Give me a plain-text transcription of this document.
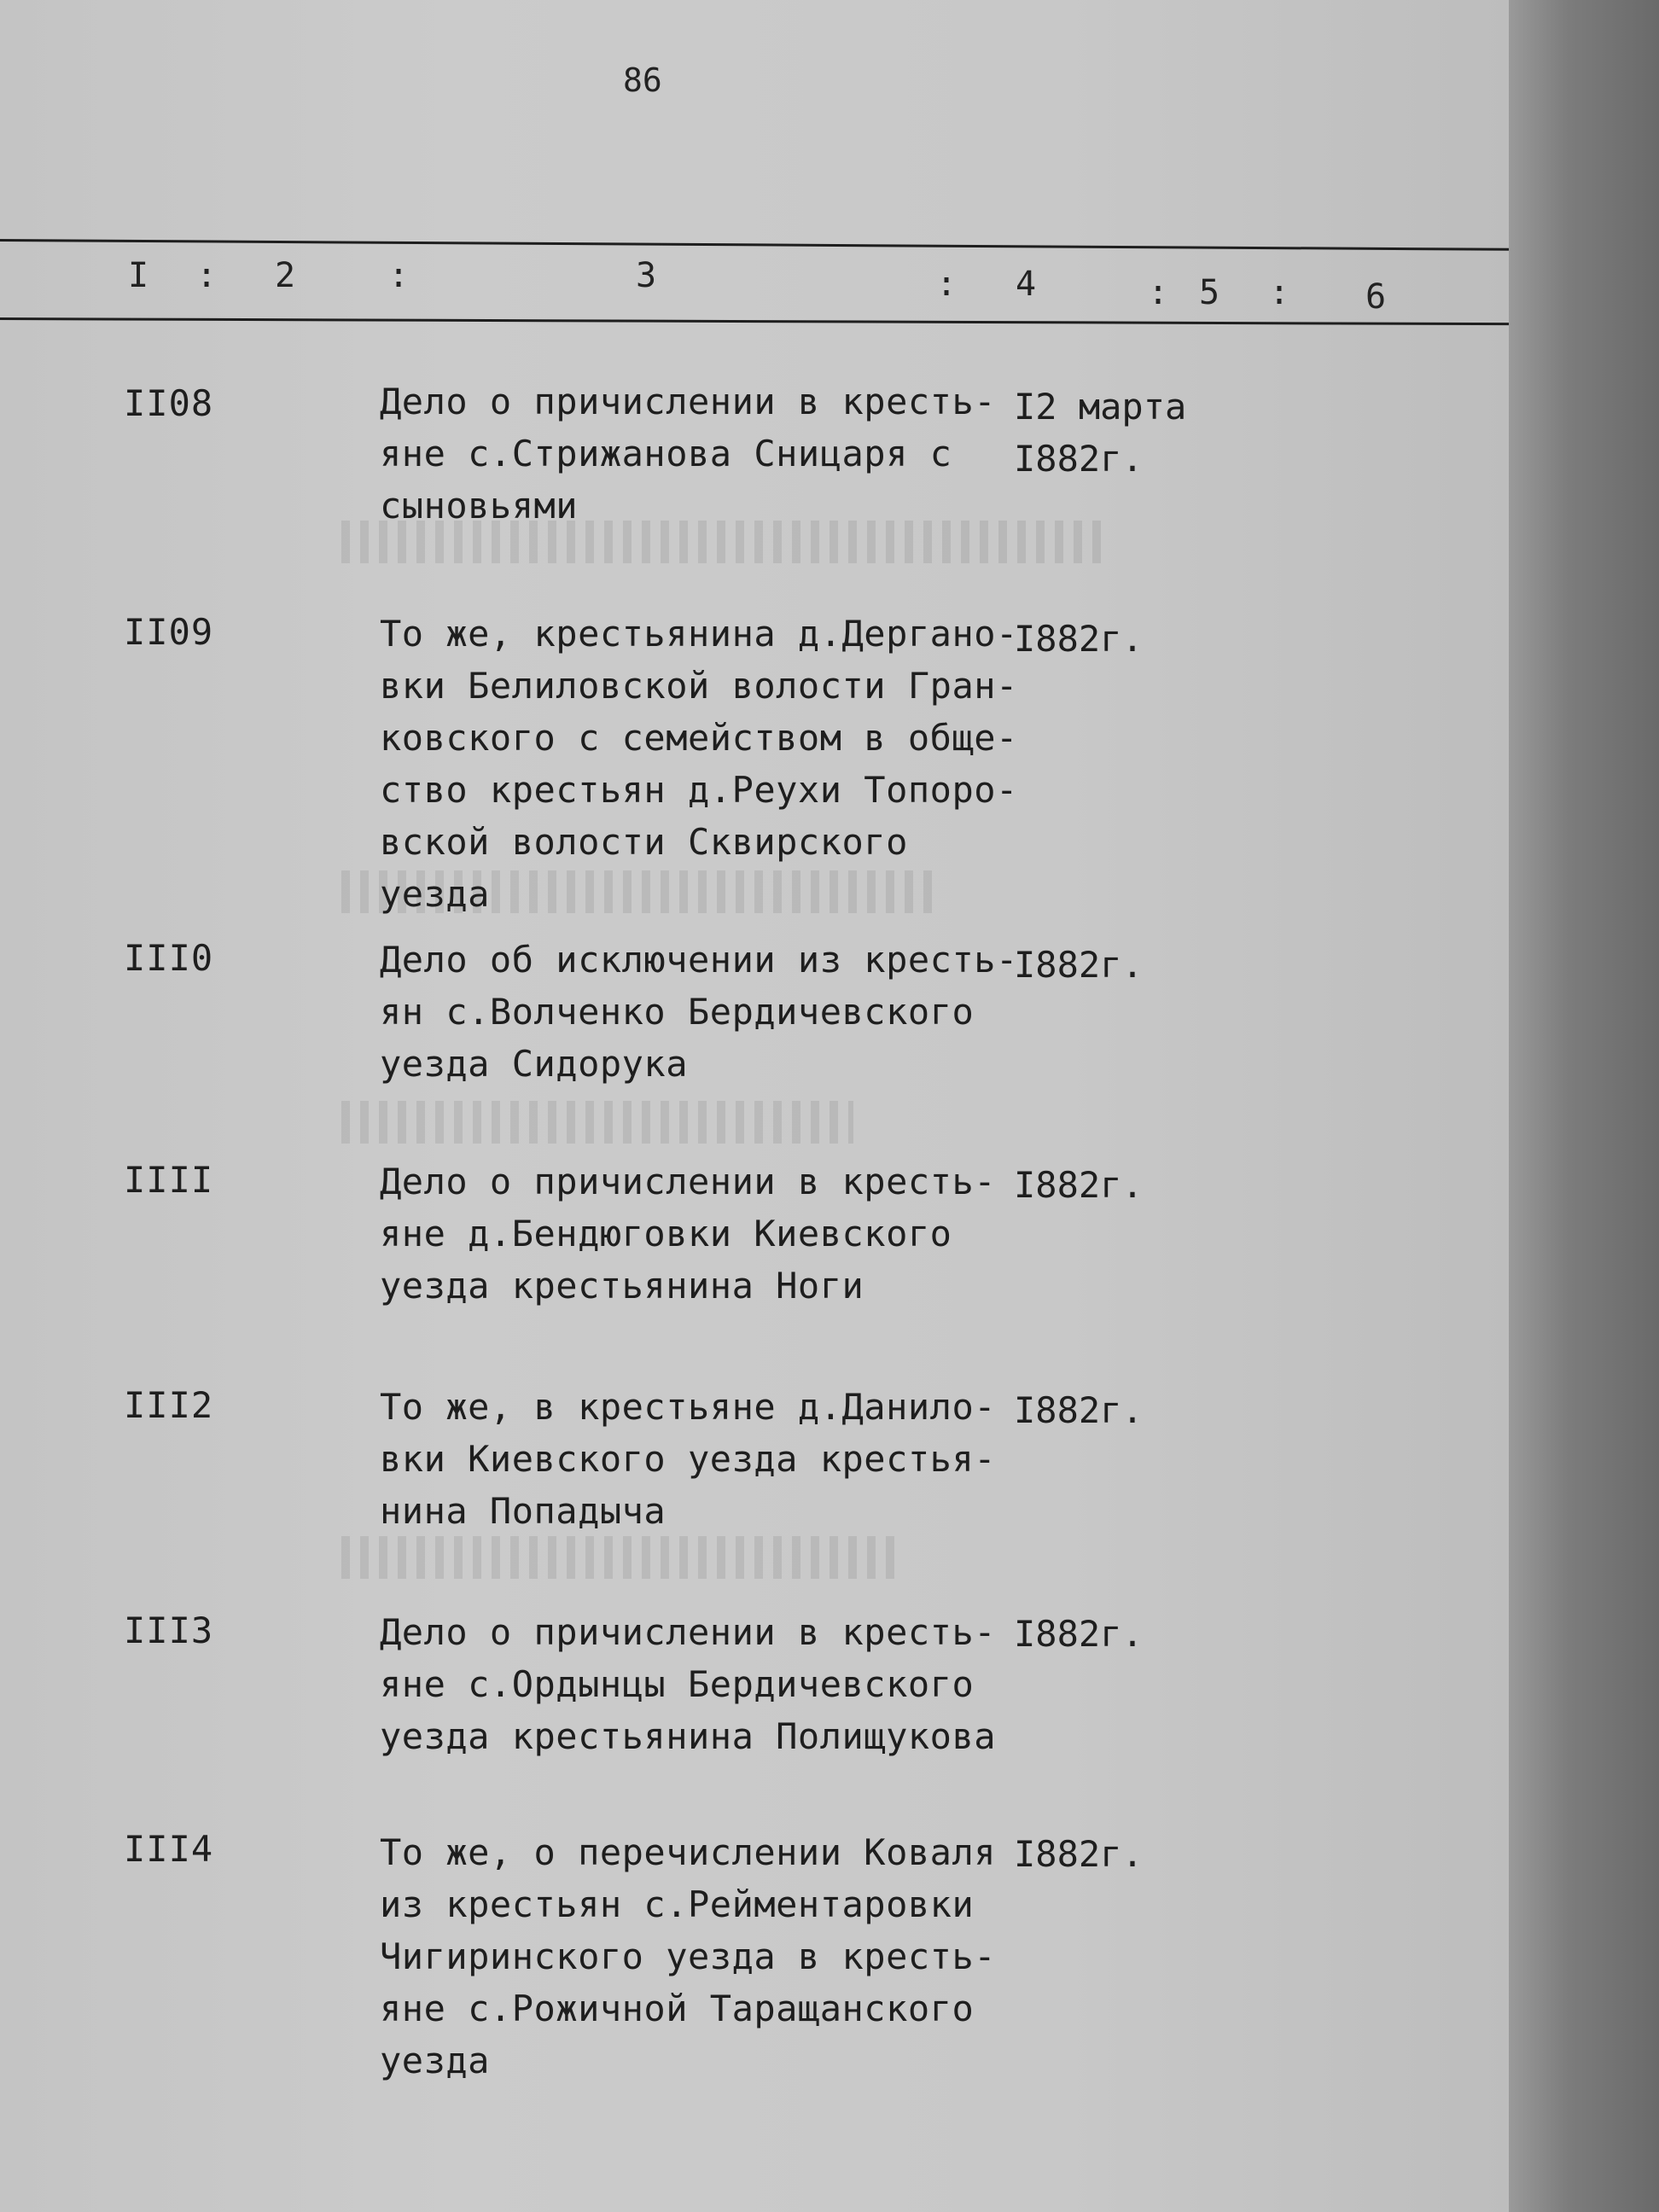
86
I : 2	:	3	: 4	: 5 : 6
II08	Дело о причислении в кресть-
яне с.Стрижанова Сницаря с
сыновьями
I2 марта
I882г.
II09	То же, крестьянина д.Дергано-
вки Белиловской волости Гран-
ковского с семейством в обще-
ство крестьян д.Реухи Топоро-
вской волости Сквирского уезда
I882г.
III0	Дело об исключении из кресть-
ян с.Волченко Бердичевского
уезда Сидорука
I882г.
IIII	Дело о причислении в кресть-
яне д.Бендюговки Киевского
уезда крестьянина Ноги
I882г.
III2	То же, в крестьяне д.Данило-
вки Киевского уезда крестья-
нина Попадыча
I882г.
III3	Дело о причислении в кресть-
яне с.Ордынцы Бердичевского
уезда крестьянина Полищукова
I882г.
III4	То же, о перечислении Коваля
из крестьян с.Рейментаровки
Чигиринского уезда в кресть-
яне с.Рожичной Таращанского
уезда
I882г.
